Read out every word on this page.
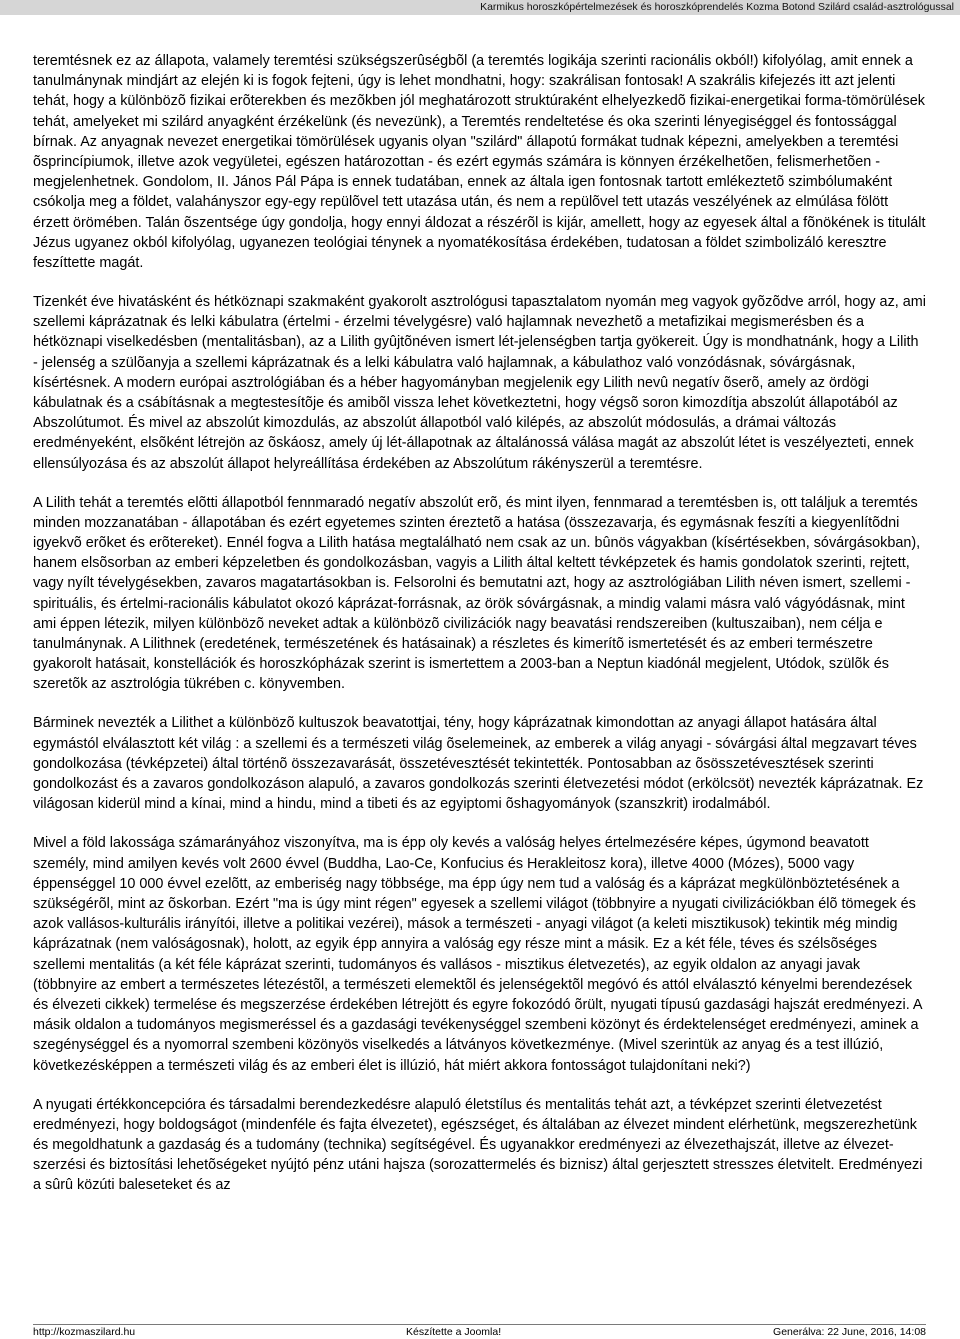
Karmikus horoszkópértelmezések és horoszkóprendelés Kozma Botond Szilárd család-asztrológussal

teremtésnek ez az állapota, valamely teremtési szükségszerûségbõl (a teremtés logikája szerinti racionális okból!) kifolyólag, amit ennek a tanulmánynak mindjárt az elején ki is fogok fejteni, úgy is lehet mondhatni, hogy: szakrálisan fontosak! A szakrális kifejezés itt azt jelenti tehát, hogy a különbözõ fizikai erõterekben és mezõkben jól meghatározott struktúraként elhelyezkedõ fizikai-energetikai forma-tömörülések tehát, amelyeket mi szilárd anyagként érzékelünk (és nevezünk), a Teremtés rendeltetése és oka szerinti lényegiséggel és fontossággal bírnak. Az anyagnak nevezet energetikai tömörülések ugyanis olyan "szilárd" állapotú formákat tudnak képezni, amelyekben a teremtési õsprincípiumok, illetve azok vegyületei, egészen határozottan - és ezért egymás számára is könnyen érzékelhetõen, felismerhetõen - megjelenhetnek. Gondolom, II. János Pál Pápa is ennek tudatában, ennek az általa igen fontosnak tartott emlékeztetõ szimbólumaként csókolja meg a földet, valahányszor egy-egy repülõvel tett utazása után, és nem a repülõvel tett utazás veszélyének az elmúlása fölött érzett örömében. Talán õszentsége úgy gondolja, hogy ennyi áldozat a részérõl is kijár, amellett, hogy az egyesek által a fõnökének is titulált Jézus ugyanez okból kifolyólag, ugyanezen teológiai ténynek a nyomatékosítása érdekében, tudatosan a földet szimbolizáló keresztre feszíttette magát.

Tizenkét éve hivatásként és hétköznapi szakmaként gyakorolt asztrológusi tapasztalatom nyomán meg vagyok gyõzõdve arról, hogy az, ami szellemi káprázatnak és lelki kábulatra (értelmi - érzelmi tévelygésre) való hajlamnak nevezhetõ a metafizikai megismerésben és a hétköznapi viselkedésben (mentalitásban), az a Lilith gyûjtõnéven ismert lét-jelenségben tartja gyökereit. Úgy is mondhatnánk, hogy a Lilith - jelenség a szülõanyja a szellemi káprázatnak és a lelki kábulatra való hajlamnak, a kábulathoz való vonzódásnak, sóvárgásnak, kísértésnek. A modern európai asztrológiában és a héber hagyományban megjelenik egy Lilith nevû negatív õserõ, amely az ördögi kábulatnak és a csábításnak a megtestesítõje és amibõl vissza lehet következtetni, hogy végsõ soron kimozdítja abszolút állapotából az Abszolútumot. És mivel az abszolút kimozdulás, az abszolút állapotból való kilépés, az abszolút módosulás, a drámai változás eredményeként, elsõként létrejön az õskáosz, amely új lét-állapotnak az általánossá válása magát az abszolút létet is veszélyezteti, ennek ellensúlyozása és az abszolút állapot helyreállítása érdekében az Abszolútum rákényszerül a teremtésre.

A Lilith tehát a teremtés elõtti állapotból fennmaradó negatív abszolút erõ, és mint ilyen, fennmarad a teremtésben is, ott találjuk a teremtés minden mozzanatában - állapotában és ezért egyetemes szinten éreztetõ a hatása (összezavarja, és egymásnak feszíti a kiegyenlítõdni igyekvõ erõket és erõtereket). Ennél fogva a Lilith hatása megtalálható nem csak az un. bûnös vágyakban (kísértésekben, sóvárgásokban), hanem elsõsorban az emberi képzeletben és gondolkozásban, vagyis a Lilith által keltett tévképzetek és hamis gondolatok szerinti, rejtett, vagy nyílt tévelygésekben, zavaros magatartásokban is. Felsorolni és bemutatni azt, hogy az asztrológiában Lilith néven ismert, szellemi - spirituális, és értelmi-racionális kábulatot okozó káprázat-forrásnak, az örök sóvárgásnak, a mindig valami másra való vágyódásnak, mint ami éppen létezik, milyen különbözõ neveket adtak a különbözõ civilizációk nagy beavatási rendszereiben (kultuszaiban), nem célja e tanulmánynak. A Lilithnek (eredetének, természetének és hatásainak) a részletes és kimerítõ ismertetését és az emberi természetre gyakorolt hatásait, konstellációk és horoszkópházak szerint is ismertettem a 2003-ban a Neptun kiadónál megjelent, Utódok, szülõk és szeretõk az asztrológia tükrében c. könyvemben.

Bárminek nevezték a Lilithet a különbözõ kultuszok beavatottjai, tény, hogy káprázatnak kimondottan az anyagi állapot hatására által egymástól elválasztott két világ : a szellemi és a természeti világ õselemeinek, az emberek a világ anyagi - sóvárgási által megzavart téves gondolkozása (tévképzetei) által történõ összezavarását, összetévesztését tekintették. Pontosabban az õsösszetévesztések szerinti gondolkozást és a zavaros gondolkozáson alapuló, a zavaros gondolkozás szerinti életvezetési módot (erkölcsöt) nevezték káprázatnak. Ez világosan kiderül mind a kínai, mind a hindu, mind a tibeti és az egyiptomi õshagyományok (szanszkrit) irodalmából.

Mivel a föld lakossága számarányához viszonyítva, ma is épp oly kevés a valóság helyes értelmezésére képes, úgymond beavatott személy, mind amilyen kevés volt 2600 évvel (Buddha, Lao-Ce, Konfucius és Herakleitosz kora), illetve 4000 (Mózes), 5000 vagy éppenséggel 10 000 évvel ezelõtt, az emberiség nagy többsége, ma épp úgy nem tud a valóság és a káprázat megkülönböztetésének a szükségérõl, mint az õskorban. Ezért "ma is úgy mint régen" egyesek a szellemi világot (többnyire a nyugati civilizációkban élõ tömegek és azok vallásos-kulturális irányítói, illetve a politikai vezérei), mások a természeti - anyagi világot (a keleti misztikusok) tekintik még mindig káprázatnak (nem valóságosnak), holott, az egyik épp annyira a valóság egy része mint a másik. Ez a két féle, téves és szélsõséges szellemi mentalitás (a két féle káprázat szerinti, tudományos és vallásos - misztikus életvezetés), az egyik oldalon az anyagi javak (többnyire az embert a természetes létezéstõl, a természeti elemektõl és jelenségektõl megóvó és attól elválasztó kényelmi berendezések és élvezeti cikkek) termelése és megszerzése érdekében létrejött és egyre fokozódó õrült, nyugati típusú gazdasági hajszát eredményezi. A másik oldalon a tudományos megismeréssel és a gazdasági tevékenységgel szembeni közönyt és érdektelenséget eredményezi, aminek a szegénységgel és a nyomorral szembeni közönyös viselkedés a látványos következménye. (Mivel szerintük az anyag és a test illúzió, következésképpen a természeti világ és az emberi élet is illúzió, hát miért akkora fontosságot tulajdonítani neki?)

A nyugati értékkoncepcióra és társadalmi berendezkedésre alapuló életstílus és mentalitás tehát azt, a tévképzet szerinti életvezetést eredményezi, hogy boldogságot (mindenféle és fajta élvezetet), egészséget, és általában az élvezet mindent elérhetünk, megszerezhetünk és megoldhatunk a gazdaság és a tudomány (technika) segítségével. És ugyanakkor eredményezi az élvezethajszát, illetve az élvezet-szerzési és biztosítási lehetõségeket nyújtó pénz utáni hajsza (sorozattermelés és biznisz) által gerjesztett stresszes életvitelt. Eredményezi a sûrû közúti baleseteket és az

http://kozmaszilard.hu	Készítette a Joomla!	Generálva: 22 June, 2016, 14:08
